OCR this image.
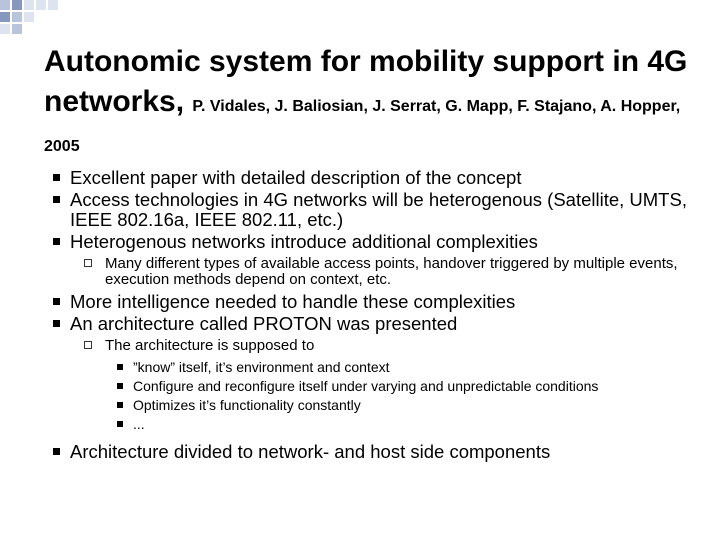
Autonomic system for mobility support in 4G networks, P. Vidales, J. Baliosian, J. Serrat, G. Mapp, F. Stajano, A. Hopper, 2005
Excellent paper with detailed description of the concept
Access technologies in 4G networks will be heterogenous (Satellite, UMTS, IEEE 802.16a, IEEE 802.11, etc.)
Heterogenous networks introduce additional complexities
Many different types of available access points, handover triggered by multiple events, execution methods depend on context, etc.
More intelligence needed to handle these complexities
An architecture called PROTON was presented
The architecture is supposed to
”know” itself, it’s environment and context
Configure and reconfigure itself under varying and unpredictable conditions
Optimizes it’s functionality constantly
...
Architecture divided to network- and host side components
